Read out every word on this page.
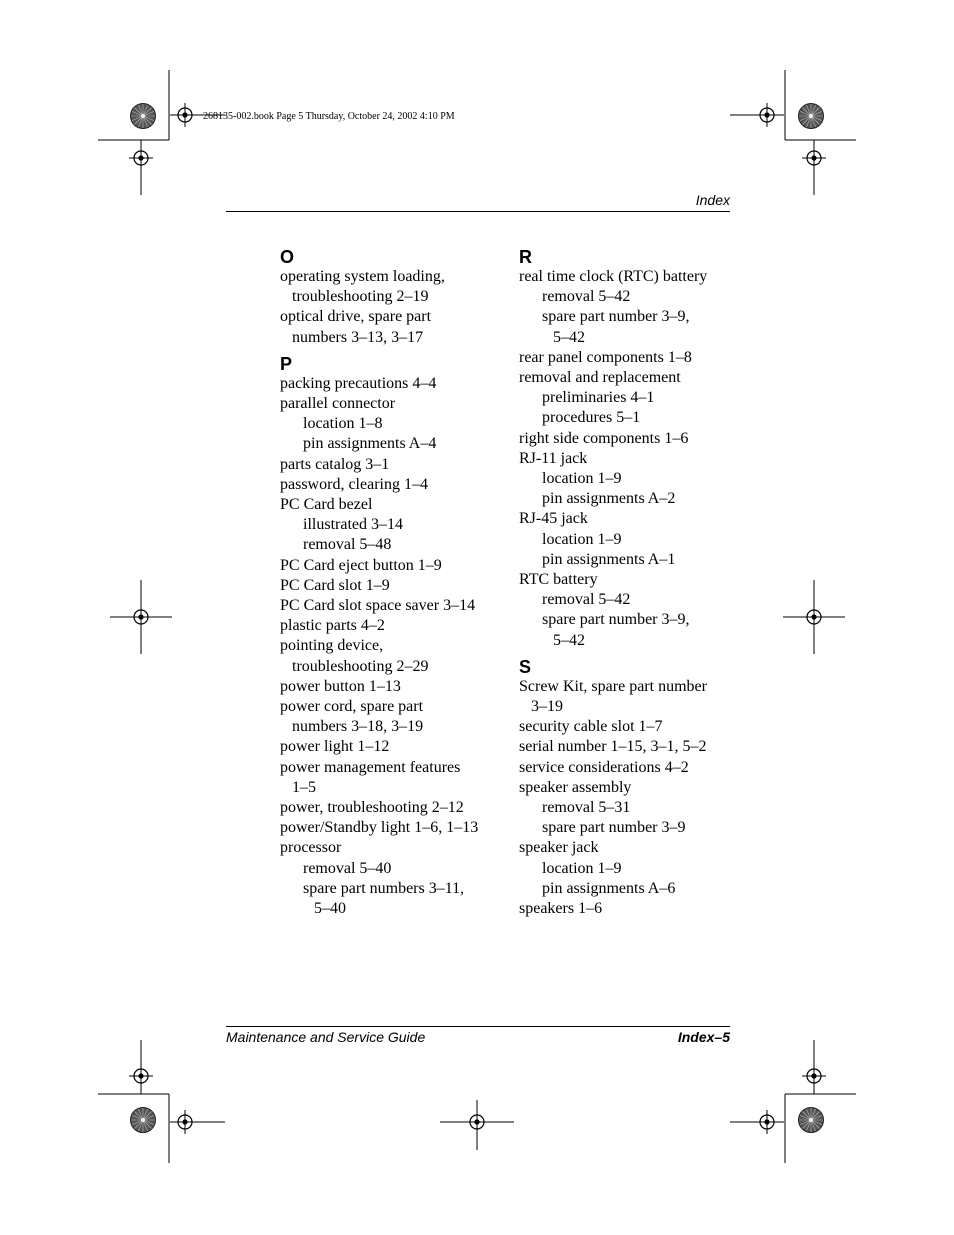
268135-002.book Page 5 Thursday, October 24, 2002 4:10 PM
Index
O
operating system loading,
troubleshooting 2–19
optical drive, spare part
numbers 3–13, 3–17
P
packing precautions 4–4
parallel connector
location 1–8
pin assignments A–4
parts catalog 3–1
password, clearing 1–4
PC Card bezel
illustrated 3–14
removal 5–48
PC Card eject button 1–9
PC Card slot 1–9
PC Card slot space saver 3–14
plastic parts 4–2
pointing device,
troubleshooting 2–29
power button 1–13
power cord, spare part
numbers 3–18, 3–19
power light 1–12
power management features
1–5
power, troubleshooting 2–12
power/Standby light 1–6, 1–13
processor
removal 5–40
spare part numbers 3–11,
5–40
R
real time clock (RTC) battery
removal 5–42
spare part number 3–9,
5–42
rear panel components 1–8
removal and replacement
preliminaries 4–1
procedures 5–1
right side components 1–6
RJ-11 jack
location 1–9
pin assignments A–2
RJ-45 jack
location 1–9
pin assignments A–1
RTC battery
removal 5–42
spare part number 3–9,
5–42
S
Screw Kit, spare part number
3–19
security cable slot 1–7
serial number 1–15, 3–1, 5–2
service considerations 4–2
speaker assembly
removal 5–31
spare part number 3–9
speaker jack
location 1–9
pin assignments A–6
speakers 1–6
Maintenance and Service Guide	Index–5
